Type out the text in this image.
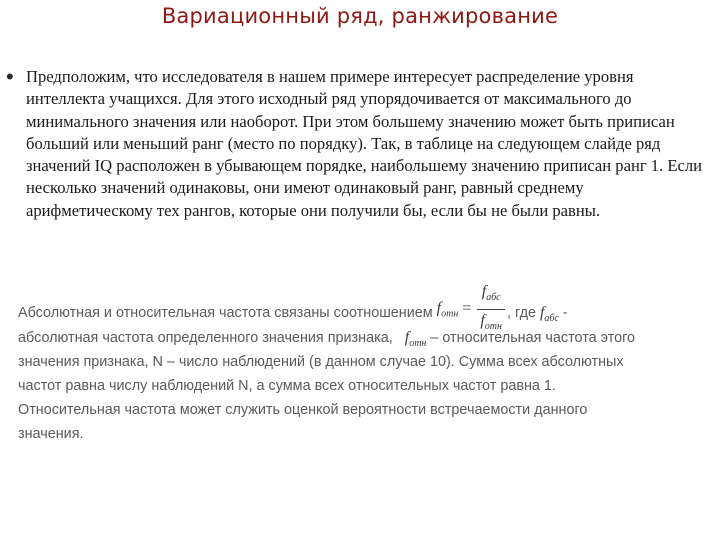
Вариационный ряд, ранжирование
• Предположим, что исследователя в нашем примере интересует распределение уровня интеллекта учащихся. Для этого исходный ряд упорядочивается от максимального до минимального значения или наоборот. При этом большему значению может быть приписан больший или меньший ранг (место по порядку). Так, в таблице на следующем слайде ряд значений IQ расположен в убывающем порядке, наибольшему значению приписан ранг 1. Если несколько значений одинаковы, они имеют одинаковый ранг, равный среднему арифметическому тех рангов, которые они получили бы, если бы не были равны.
Абсолютная и относительная частота связаны соотношением $f_{отн} = \frac{f_{абс}}{f_{отн}}$ , где $f_{абс}$ -
абсолютная частота определенного значения признака, $f_{отн}$ – относительная частота этого
значения признака, N – число наблюдений (в данном случае 10). Сумма всех абсолютных
частот равна числу наблюдений N, а сумма всех относительных частот равна 1.
Относительная частота может служить оценкой вероятности встречаемости данного
значения.
